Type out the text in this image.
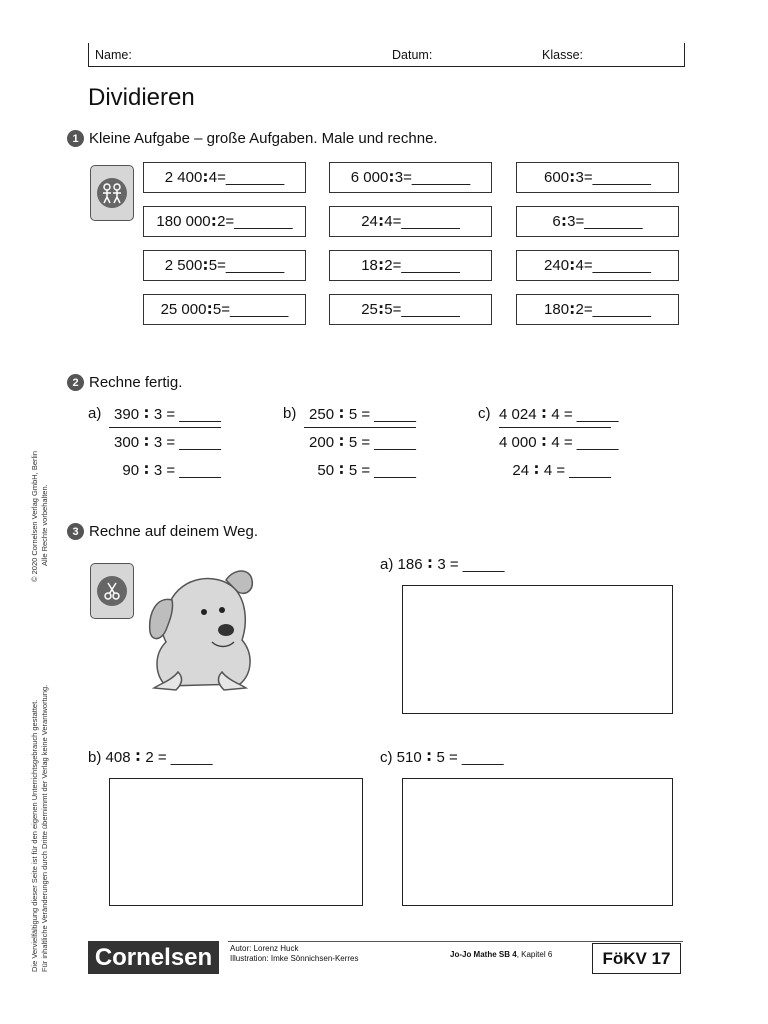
Name:	Datum:	Klasse:
Dividieren
1 Kleine Aufgabe – große Aufgaben. Male und rechne.
2 400 ∶ 4 = _______	6 000 ∶ 3 = _______	600 ∶ 3 = _______
180 000 ∶ 2 = _______	24 ∶ 4 = _______	6 ∶ 3 = _______
2 500 ∶ 5 = _______	18 ∶ 2 = _______	240 ∶ 4 = _______
25 000 ∶ 5 = _______	25 ∶ 5 = _______	180 ∶ 2 = _______
2 Rechne fertig.
a) 390 ∶ 3 = _____
300 ∶ 3 = _____
90 ∶ 3 = _____
b) 250 ∶ 5 = _____
200 ∶ 5 = _____
50 ∶ 5 = _____
c) 4 024 ∶ 4 = _____
4 000 ∶ 4 = _____
24 ∶ 4 = _____
3 Rechne auf deinem Weg.
a) 186 ∶ 3 = _____
b) 408 ∶ 2 = _____	c) 510 ∶ 5 = _____
© 2020 Cornelsen Verlag GmbH, Berlin Alle Rechte vorbehalten.
Die Vervielfältigung dieser Seite ist für den eigenen Unterrichtsgebrauch gestattet. Für inhaltliche Veränderungen durch Dritte übernimmt der Verlag keine Verantwortung. Cornelsen	Autor: Lorenz Huck
Illustration: Imke Sönnichsen-Kerres	Jo-Jo Mathe SB 4, Kapitel 6	FöKV 17
